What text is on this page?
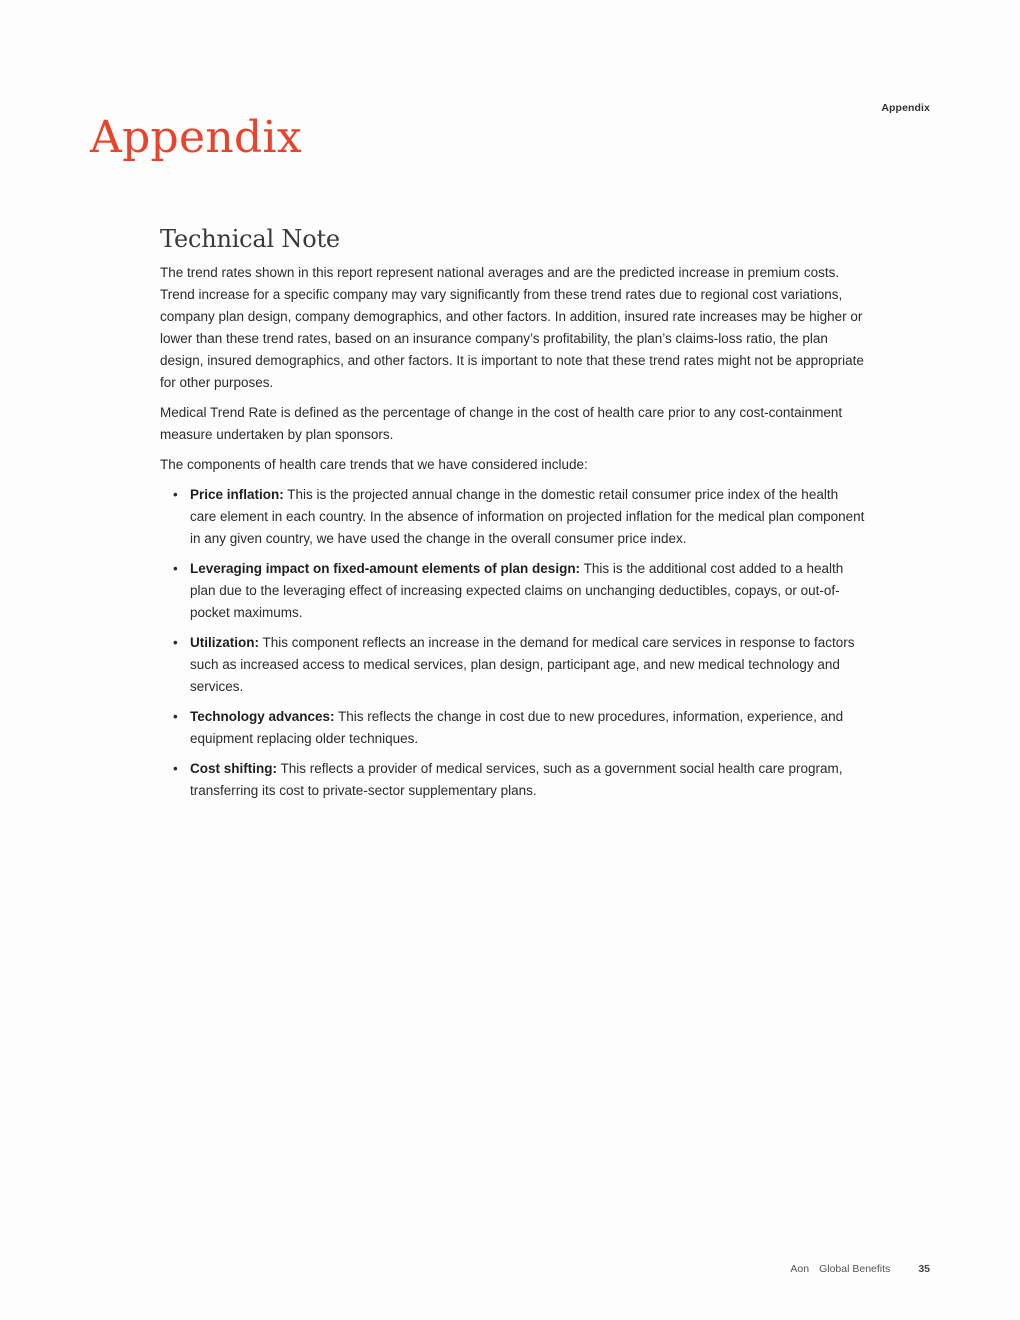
Appendix
Appendix
Technical Note

The trend rates shown in this report represent national averages and are the predicted increase in premium costs. Trend increase for a specific company may vary significantly from these trend rates due to regional cost variations, company plan design, company demographics, and other factors. In addition, insured rate increases may be higher or lower than these trend rates, based on an insurance company’s profitability, the plan’s claims-loss ratio, the plan design, insured demographics, and other factors. It is important to note that these trend rates might not be appropriate for other purposes.

Medical Trend Rate is defined as the percentage of change in the cost of health care prior to any cost-containment measure undertaken by plan sponsors.

The components of health care trends that we have considered include:

• Price inflation: This is the projected annual change in the domestic retail consumer price index of the health care element in each country. In the absence of information on projected inflation for the medical plan component in any given country, we have used the change in the overall consumer price index.
• Leveraging impact on fixed-amount elements of plan design: This is the additional cost added to a health plan due to the leveraging effect of increasing expected claims on unchanging deductibles, copays, or out-of-pocket maximums.
• Utilization: This component reflects an increase in the demand for medical care services in response to factors such as increased access to medical services, plan design, participant age, and new medical technology and services.
• Technology advances: This reflects the change in cost due to new procedures, information, experience, and equipment replacing older techniques.
• Cost shifting: This reflects a provider of medical services, such as a government social health care program, transferring its cost to private-sector supplementary plans.
Aon Global Benefits	35
